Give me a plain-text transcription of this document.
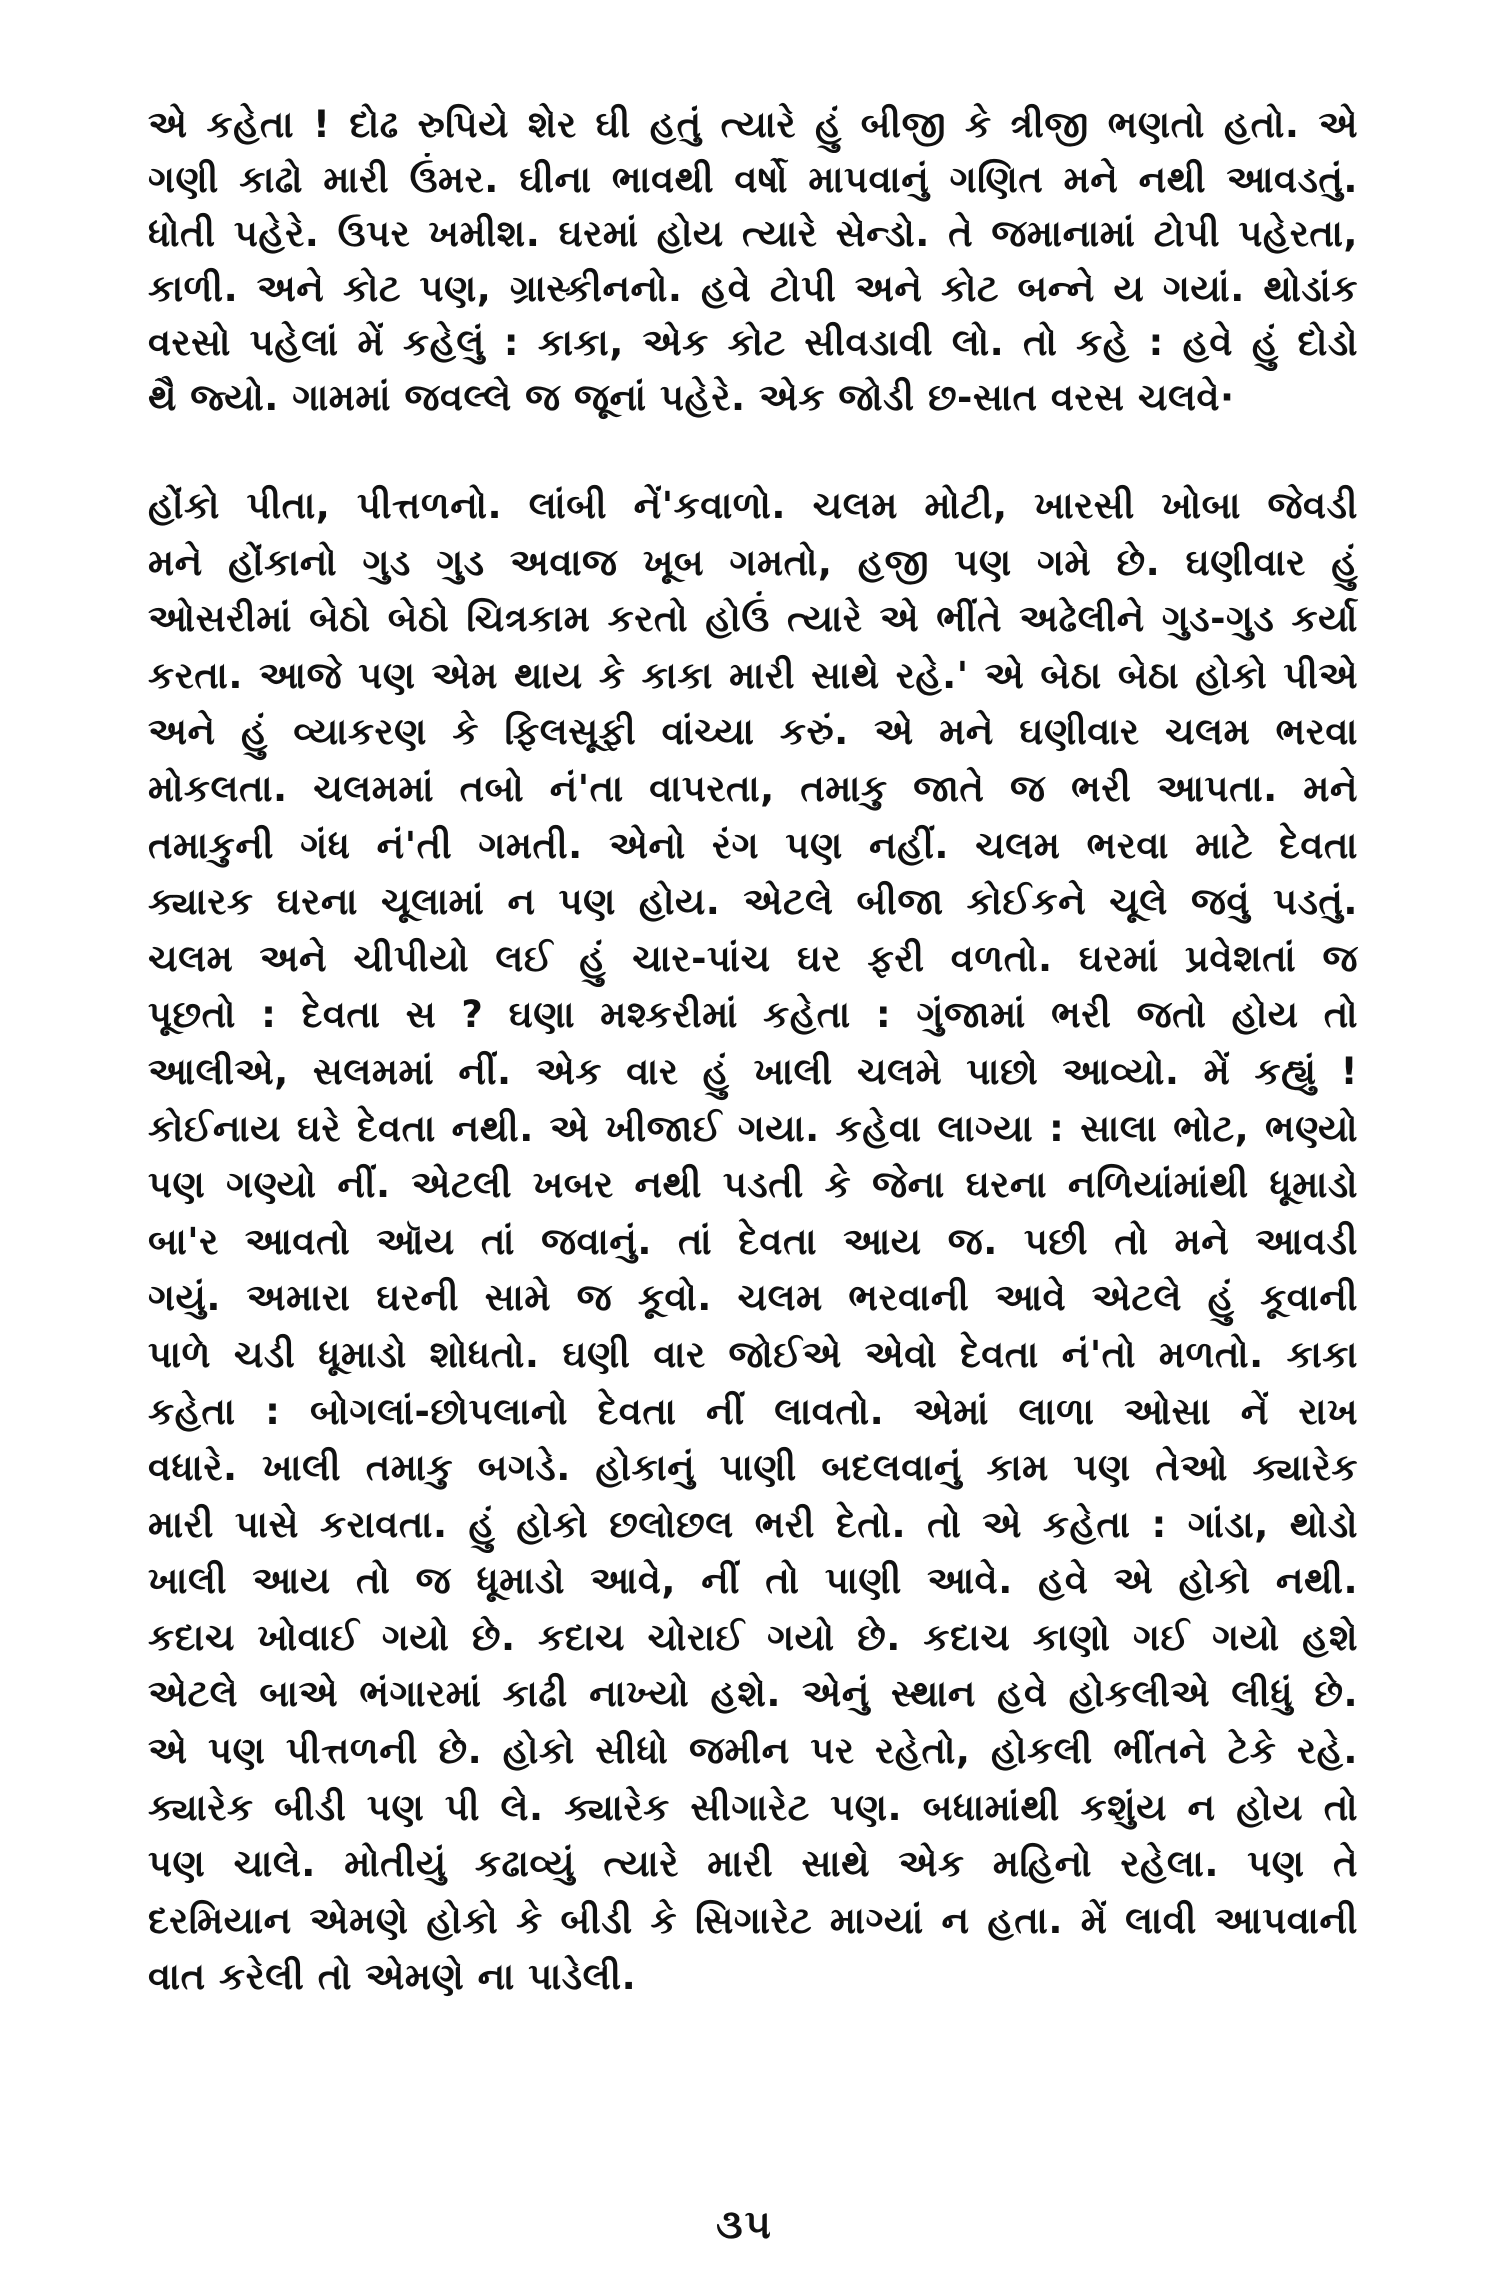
એ કહેતા ! દોઢ રુપિયે શેર ઘી હતું ત્યારે હું બીજી કે ત્રીજી ભણતો હતો. એ
ગણી કાઢો મારી ઉંમર. ઘીના ભાવથી વર્ષો માપવાનું ગણિત મને નથી આવડતું.
ધોતી પહેરે. ઉપર ખમીશ. ઘરમાં હોય ત્યારે સેન્ડો. તે જમાનામાં ટોપી પહેરતા,
કાળી. અને કોટ પણ, ગ્રાસ્કીનનો. હવે ટોપી અને કોટ બન્ને ય ગયાં. થોડાંક
વરસો પહેલાં મેં કહેલું : કાકા, એક કોટ સીવડાવી લો. તો કહે : હવે હું દોડો
થૈ જ્યો. ગામમાં જવલ્લે જ જૂનાં પહેરે. એક જોડી છ-સાત વરસ ચલવે·
હોંકો પીતા, પીત્તળનો. લાંબી નેં'કવાળો. ચલમ મોટી, ખારસી ખોબા જેવડી
મને હોંકાનો ગુડ ગુડ અવાજ ખૂબ ગમતો, હજી પણ ગમે છે. ઘણીવાર હું
ઓસરીમાં બેઠો બેઠો ચિત્રકામ કરતો હોઉં ત્યારે એ ભીંતે અઢેલીને ગુડ-ગુડ કર્યા
કરતા. આજે પણ એમ થાય કે કાકા મારી સાથે રહે.' એ બેઠા બેઠા હોકો પીએ
અને હું વ્યાકરણ કે ફિલસૂફી વાંચ્યા કરું. એ મને ઘણીવાર ચલમ ભરવા
મોકલતા. ચલમમાં તબો નં'તા વાપરતા, તમાકુ જાતે જ ભરી આપતા. મને
તમાકુની ગંધ નં'તી ગમતી. એનો રંગ પણ નહીં. ચલમ ભરવા માટે દેવતા
ક્યારક ઘરના ચૂલામાં ન પણ હોય. એટલે બીજા કોઈકને ચૂલે જવું પડતું.
ચલમ અને ચીપીયો લઈ હું ચાર-પાંચ ઘર ફરી વળતો. ઘરમાં પ્રવેશતાં જ
પૂછતો : દેવતા સ ? ઘણા મશ્કરીમાં કહેતા : ગુંજામાં ભરી જતો હોય તો
આલીએ, સલમમાં નીં. એક વાર હું ખાલી ચલમે પાછો આવ્યો. મેં કહ્યું !
કોઈનાય ઘરે દેવતા નથી. એ ખીજાઈ ગયા. કહેવા લાગ્યા : સાલા ભોટ, ભણ્યો
પણ ગણ્યો નીં. એટલી ખબર નથી પડતી કે જેના ઘરના નળિયાંમાંથી ધૂમાડો
બા'ર આવતો ઑય તાં જવાનું. તાં દેવતા આય જ. પછી તો મને આવડી
ગયું. અમારા ઘરની સામે જ કૂવો. ચલમ ભરવાની આવે એટલે હું કૂવાની
પાળે ચડી ધૂમાડો શોધતો. ઘણી વાર જોઈએ એવો દેવતા નં'તો મળતો. કાકા
કહેતા : બોગલાં-છોપલાનો દેવતા નીં લાવતો. એમાં લાળા ઓસા નેં રાખ
વધારે. ખાલી તમાકુ બગડે. હોકાનું પાણી બદલવાનું કામ પણ તેઓ ક્યારેક
મારી પાસે કરાવતા. હું હોકો છલોછલ ભરી દેતો. તો એ કહેતા : ગાંડા, થોડો
ખાલી આય તો જ ધૂમાડો આવે, નીં તો પાણી આવે. હવે એ હોકો નથી.
કદાચ ખોવાઈ ગયો છે. કદાચ ચોરાઈ ગયો છે. કદાચ કાણો ગઈ ગયો હશે
એટલે બાએ ભંગારમાં કાઢી નાખ્યો હશે. એનું સ્થાન હવે હોકલીએ લીધું છે.
એ પણ પીત્તળની છે. હોકો સીધો જમીન પર રહેતો, હોકલી ભીંતને ટેકે રહે.
ક્યારેક બીડી પણ પી લે. ક્યારેક સીગારેટ પણ. બધામાંથી કશુંય ન હોય તો
પણ ચાલે. મોતીયું કઢાવ્યું ત્યારે મારી સાથે એક મહિનો રહેલા. પણ તે
દરમિયાન એમણે હોકો કે બીડી કે સિગારેટ માગ્યાં ન હતા. મેં લાવી આપવાની
વાત કરેલી તો એમણે ના પાડેલી.
૩૫
